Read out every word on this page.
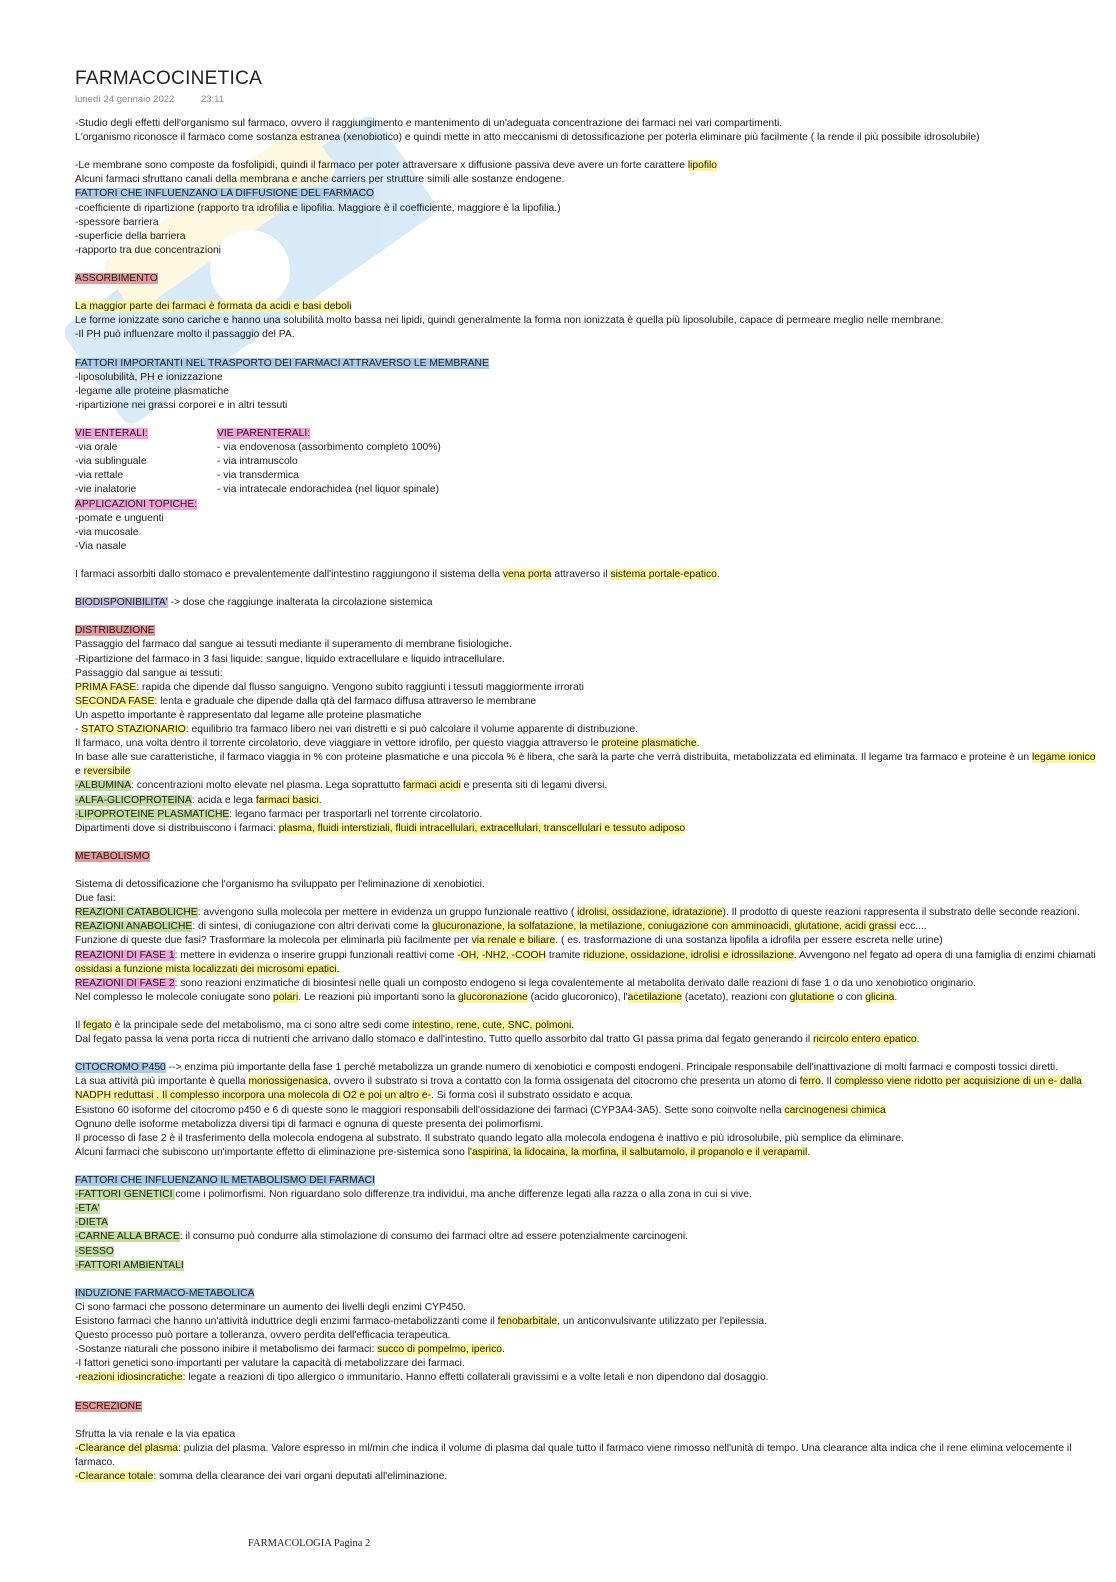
FARMACOCINETICA
lunedì 24 gennaio 2022	23:11
-Studio degli effetti dell'organismo sul farmaco, ovvero il raggiungimento e mantenimento di un'adeguata concentrazione dei farmaci nei vari compartimenti.
L'organismo riconosce il farmaco come sostanza estranea (xenobiotico) e quindi mette in atto meccanismi di detossificazione per poterla eliminare più facilmente ( la rende il più possibile idrosolubile)
-Le membrane sono composte da fosfolipidi, quindi il farmaco per poter attraversare x diffusione passiva deve avere un forte carattere lipofilo
Alcuni farmaci sfruttano canali della membrana e anche carriers per strutture simili alle sostanze endogene.
FATTORI CHE INFLUENZANO LA DIFFUSIONE DEL FARMACO
-coefficiente di ripartizione (rapporto tra idrofilia e lipofilia. Maggiore è il coefficiente, maggiore è la lipofilia.)
-spessore barriera
-superficie della barriera
-rapporto tra due concentrazioni
ASSORBIMENTO
La maggior parte dei farmaci è formata da acidi e basi deboli
Le forme ionizzate sono cariche e hanno una solubilità molto bassa nei lipidi, quindi generalmente la forma non ionizzata è quella più liposolubile, capace di permeare meglio nelle membrane.
-Il PH può influenzare molto il passaggio del PA.
FATTORI IMPORTANTI NEL TRASPORTO DEI FARMACI ATTRAVERSO LE MEMBRANE
-liposolubilità, PH e ionizzazione
-legame alle proteine plasmatiche
-ripartizione nei grassi corporei e in altri tessuti
VIE ENTERALI:	VIE PARENTERALI:
-via orale	- via endovenosa (assorbimento completo 100%)
-via sublinguale	- via intramuscolo
-via rettale	- via transdermica
-vie inalatorie	- via intratecale endorachidea (nel liquor spinale)
APPLICAZIONI TOPICHE:
-pomate e unguenti
-via mucosale
-Via nasale
I farmaci assorbiti dallo stomaco e prevalentemente dall'intestino raggiungono il sistema della vena porta attraverso il sistema portale-epatico.
BIODISPONIBILITA' -> dose che raggiunge inalterata la circolazione sistemica
DISTRIBUZIONE
Passaggio del farmaco dal sangue ai tessuti mediante il superamento di membrane fisiologiche.
-Ripartizione del farmaco in 3 fasi liquide: sangue, liquido extracellulare e liquido intracellulare.
Passaggio dal sangue ai tessuti:
PRIMA FASE: rapida che dipende dal flusso sanguigno. Vengono subito raggiunti i tessuti maggiormente irrorati
SECONDA FASE: lenta e graduale che dipende dalla qtà del farmaco diffusa attraverso le membrane
Un aspetto importante è rappresentato dal legame alle proteine plasmatiche
- STATO STAZIONARIO: equilibrio tra farmaco libero nei vari distretti e si può calcolare il volume apparente di distribuzione.
Il farmaco, una volta dentro il torrente circolatorio, deve viaggiare in vettore idrofilo, per questo viaggia attraverso le proteine plasmatiche.
In base alle sue caratteristiche, il farmaco viaggia in % con proteine plasmatiche e una piccola % è libera, che sarà la parte che verrà distribuita, metabolizzata ed eliminata. Il legame tra farmaco e proteine è un legame ionico e reversibile
-ALBUMINA: concentrazioni molto elevate nel plasma. Lega soprattutto farmaci acidi e presenta siti di legami diversi.
-ALFA-GLICOPROTEINA: acida e lega farmaci basici.
-LIPOPROTEINE PLASMATICHE: legano farmaci per trasportarli nel torrente circolatorio.
Dipartimenti dove si distribuiscono i farmaci: plasma, fluidi interstiziali, fluidi intracellulari, extracellulari, transcellulari e tessuto adiposo
METABOLISMO
Sistema di detossificazione che l'organismo ha sviluppato per l'eliminazione di xenobiotici.
Due fasi:
REAZIONI CATABOLICHE: avvengono sulla molecola per mettere in evidenza un gruppo funzionale reattivo ( idrolisi, ossidazione, idratazione). Il prodotto di queste reazioni rappresenta il substrato delle seconde reazioni.
REAZIONI ANABOLICHE: di sintesi, di coniugazione con altri derivati come la glucuronazione, la solfatazione, la metilazione, coniugazione con amminoacidi, glutatione, acidi grassi ecc....
Funzione di queste due fasi? Trasformare la molecola per eliminarla più facilmente per via renale e biliare. ( es. trasformazione di una sostanza lipofila a idrofila per essere escreta nelle urine)
REAZIONI DI FASE 1: mettere in evidenza o inserire gruppi funzionali reattivi come -OH, -NH2, -COOH tramite riduzione, ossidazione, idrolisi e idrossilazione. Avvengono nel fegato ad opera di una famiglia di enzimi chiamati ossidasi a funzione mista localizzati dei microsomi epatici.
REAZIONI DI FASE 2: sono reazioni enzimatiche di biosintesi nelle quali un composto endogeno si lega covalentemente al metabolita derivato dalle reazioni di fase 1 o da uno xenobiotico originario.
Nel complesso le molecole coniugate sono polari. Le reazioni più importanti sono la glucoronazione (acido glucoronico), l'acetilazione (acetato), reazioni con glutatione o con glicina.
Il fegato è la principale sede del metabolismo, ma ci sono altre sedi come intestino, rene, cute, SNC, polmoni.
Dal fegato passa la vena porta ricca di nutrienti che arrivano dallo stomaco e dall'intestino. Tutto quello assorbito dal tratto GI passa prima dal fegato generando il ricircolo entero epatico.
CITOCROMO P450 --> enzima più importante della fase 1 perché metabolizza un grande numero di xenobiotici e composti endogeni. Principale responsabile dell'inattivazione di molti farmaci e composti tossici diretti.
La sua attività più importante è quella monossigenasica, ovvero il substrato si trova a contatto con la forma ossigenata del citocromo che presenta un atomo di ferro. Il complesso viene ridotto per acquisizione di un e- dalla NADPH reduttasi . Il complesso incorpora una molecola di O2 e poi un altro e-. Si forma così il substrato ossidato e acqua.
Esistono 60 isoforme del citocromo p450 e 6 di queste sono le maggiori responsabili dell'ossidazione dei farmaci (CYP3A4-3A5). Sette sono coinvolte nella carcinogenesi chimica
Ognuno delle isoforme metabolizza diversi tipi di farmaci e ognuna di queste presenta dei polimorfismi.
Il processo di fase 2 è il trasferimento della molecola endogena al substrato. Il substrato quando legato alla molecola endogena è inattivo e più idrosolubile, più semplice da eliminare.
Alcuni farmaci che subiscono un'importante effetto di eliminazione pre-sistemica sono l'aspirina, la lidocaina, la morfina, il salbutamolo, il propanolo e il verapamil.
FATTORI CHE INFLUENZANO IL METABOLISMO DEI FARMACI
-FATTORI GENETICI come i polimorfismi. Non riguardano solo differenze tra individui, ma anche differenze legati alla razza o alla zona in cui si vive.
-ETA'
-DIETA
-CARNE ALLA BRACE: il consumo può condurre alla stimolazione di consumo dei farmaci oltre ad essere potenzialmente carcinogeni.
-SESSO
-FATTORI AMBIENTALI
INDUZIONE FARMACO-METABOLICA
Ci sono farmaci che possono determinare un aumento dei livelli degli enzimi CYP450.
Esistono farmaci che hanno un'attività induttrice degli enzimi farmaco-metabolizzanti come il fenobarbitale, un anticonvulsivante utilizzato per l'epilessia.
Questo processo può portare a tolleranza, ovvero perdita dell'efficacia terapeutica.
-Sostanze naturali che possono inibire il metabolismo dei farmaci: succo di pompelmo, iperico.
-I fattori genetici sono importanti per valutare la capacità di metabolizzare dei farmaci.
-reazioni idiosincratiche: legate a reazioni di tipo allergico o immunitario. Hanno effetti collaterali gravissimi e a volte letali e non dipendono dal dosaggio.
ESCREZIONE
Sfrutta la via renale e la via epatica
-Clearance del plasma: pulizia del plasma. Valore espresso in ml/min che indica il volume di plasma dal quale tutto il farmaco viene rimosso nell'unità di tempo. Una clearance alta indica che il rene elimina velocemente il farmaco.
-Clearance totale: somma della clearance dei vari organi deputati all'eliminazione.
FARMACOLOGIA Pagina 2
